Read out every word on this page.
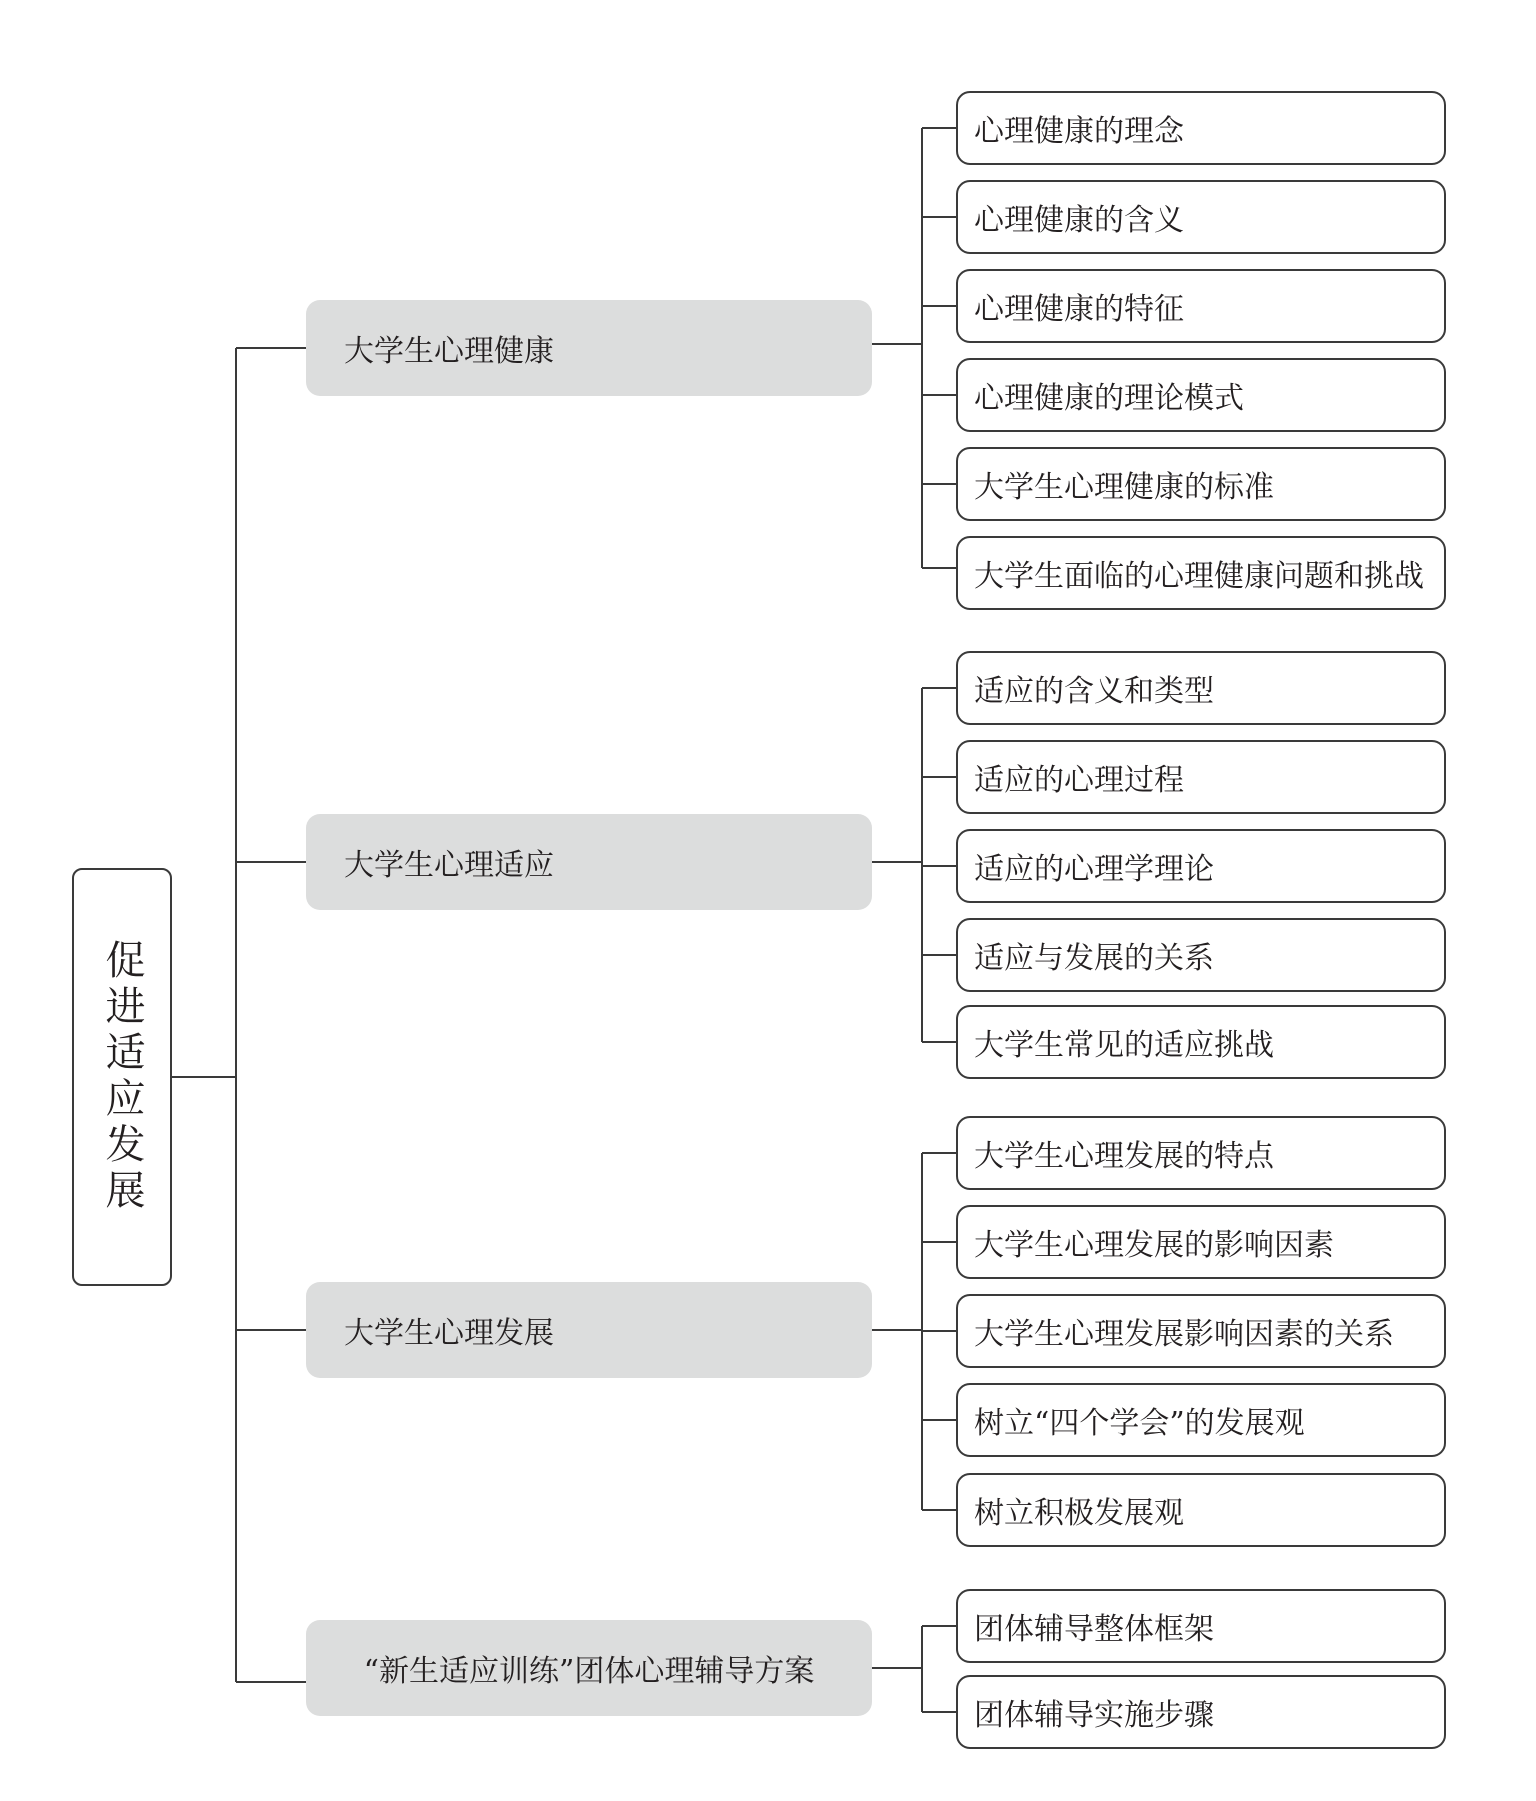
促进适应发展
大学生心理健康
大学生心理适应
大学生心理发展
“新生适应训练”团体心理辅导方案
心理健康的理念
心理健康的含义
心理健康的特征
心理健康的理论模式
大学生心理健康的标准
大学生面临的心理健康问题和挑战
适应的含义和类型
适应的心理过程
适应的心理学理论
适应与发展的关系
大学生常见的适应挑战
大学生心理发展的特点
大学生心理发展的影响因素
大学生心理发展影响因素的关系
树立“四个学会”的发展观
树立积极发展观
团体辅导整体框架
团体辅导实施步骤
